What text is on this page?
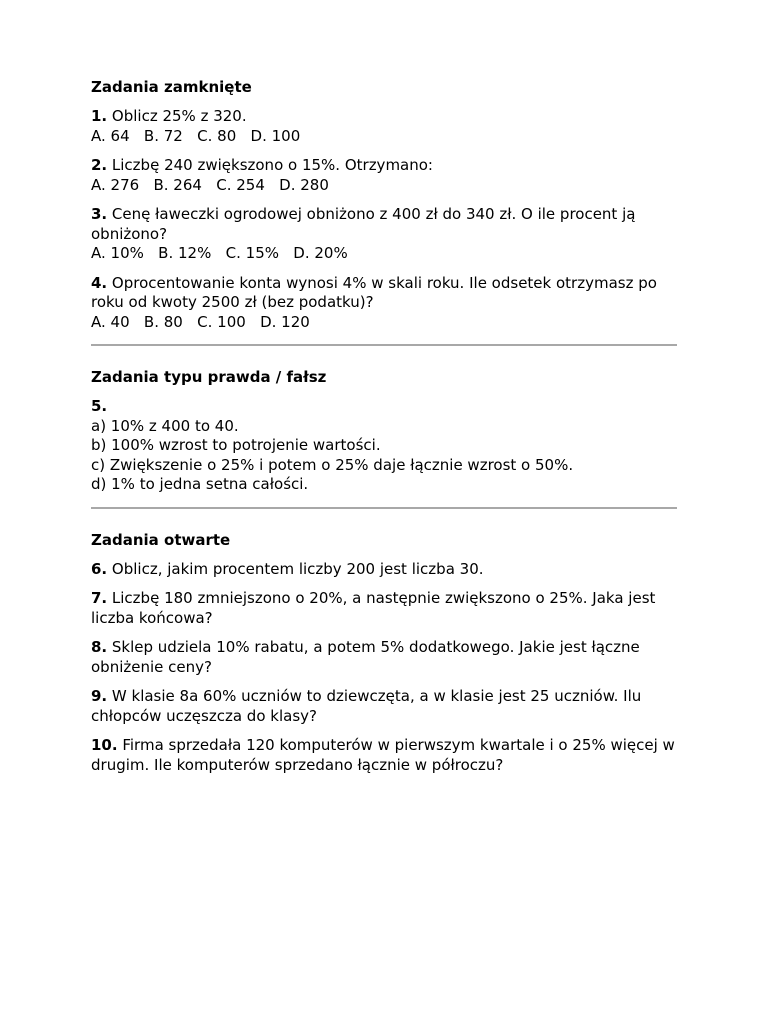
Zadania zamknięte
1. Oblicz 25% z 320.
A. 64   B. 72   C. 80   D. 100
2. Liczbę 240 zwiększono o 15%. Otrzymano:
A. 276   B. 264   C. 254   D. 280
3. Cenę ławeczki ogrodowej obniżono z 400 zł do 340 zł. O ile procent ją obniżono?
A. 10%   B. 12%   C. 15%   D. 20%
4. Oprocentowanie konta wynosi 4% w skali roku. Ile odsetek otrzymasz po roku od kwoty 2500 zł (bez podatku)?
A. 40   B. 80   C. 100   D. 120
Zadania typu prawda / fałsz
5.
a) 10% z 400 to 40.
b) 100% wzrost to potrojenie wartości.
c) Zwiększenie o 25% i potem o 25% daje łącznie wzrost o 50%.
d) 1% to jedna setna całości.
Zadania otwarte
6. Oblicz, jakim procentem liczby 200 jest liczba 30.
7. Liczbę 180 zmniejszono o 20%, a następnie zwiększono o 25%. Jaka jest liczba końcowa?
8. Sklep udziela 10% rabatu, a potem 5% dodatkowego. Jakie jest łączne obniżenie ceny?
9. W klasie 8a 60% uczniów to dziewczęta, a w klasie jest 25 uczniów. Ilu chłopców uczęszcza do klasy?
10. Firma sprzedała 120 komputerów w pierwszym kwartale i o 25% więcej w drugim. Ile komputerów sprzedano łącznie w półroczu?
